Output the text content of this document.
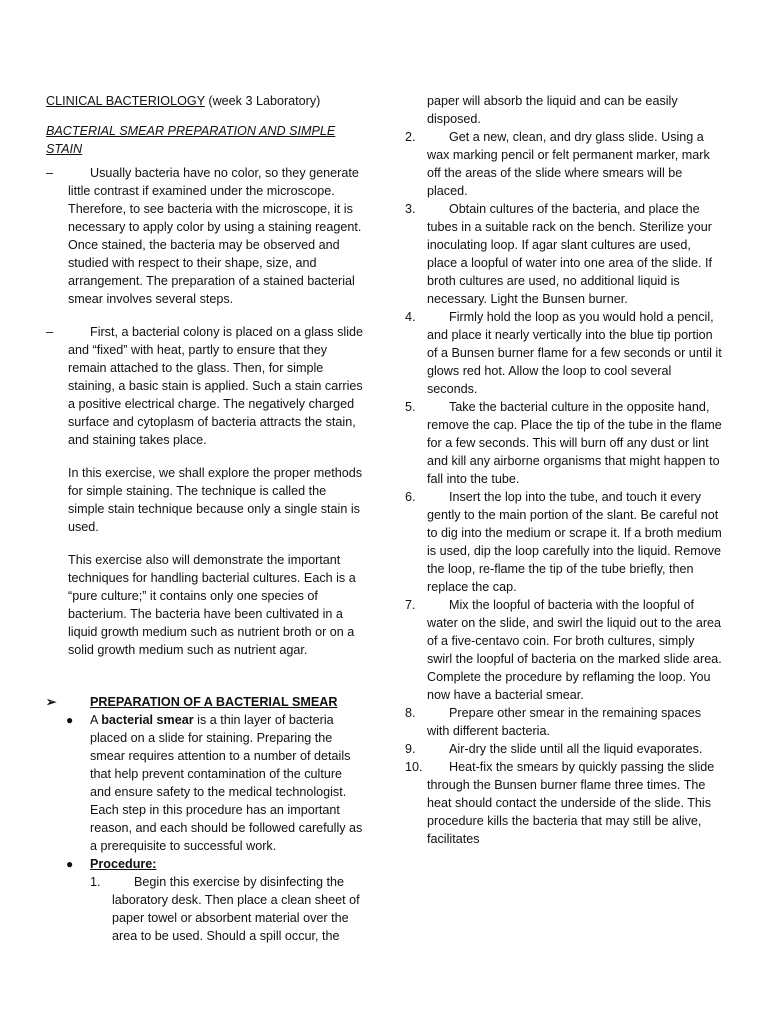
CLINICAL BACTERIOLOGY (week 3 Laboratory)
BACTERIAL SMEAR PREPARATION AND SIMPLE STAIN
–	Usually bacteria have no color, so they generate little contrast if examined under the microscope. Therefore, to see bacteria with the microscope, it is necessary to apply color by using a staining reagent. Once stained, the bacteria may be observed and studied with respect to their shape, size, and arrangement. The preparation of a stained bacterial smear involves several steps.
–	First, a bacterial colony is placed on a glass slide and “fixed” with heat, partly to ensure that they remain attached to the glass. Then, for simple staining, a basic stain is applied. Such a stain carries a positive electrical charge. The negatively charged surface and cytoplasm of bacteria attracts the stain, and staining takes place.
In this exercise, we shall explore the proper methods for simple staining. The technique is called the simple stain technique because only a single stain is used.
This exercise also will demonstrate the important techniques for handling bacterial cultures. Each is a “pure culture;” it contains only one species of bacterium. The bacteria have been cultivated in a liquid growth medium such as nutrient broth or on a solid growth medium such as nutrient agar.
➢	PREPARATION OF A BACTERIAL SMEAR
● A bacterial smear is a thin layer of bacteria placed on a slide for staining. Preparing the smear requires attention to a number of details that help prevent contamination of the culture and ensure safety to the medical technologist. Each step in this procedure has an important reason, and each should be followed carefully as a prerequisite to successful work.
● Procedure:
1.	Begin this exercise by disinfecting the laboratory desk. Then place a clean sheet of paper towel or absorbent material over the area to be used. Should a spill occur, the
paper will absorb the liquid and can be easily disposed.
2.	Get a new, clean, and dry glass slide. Using a wax marking pencil or felt permanent marker, mark off the areas of the slide where smears will be placed.
3.	Obtain cultures of the bacteria, and place the tubes in a suitable rack on the bench. Sterilize your inoculating loop. If agar slant cultures are used, place a loopful of water into one area of the slide. If broth cultures are used, no additional liquid is necessary. Light the Bunsen burner.
4.	Firmly hold the loop as you would hold a pencil, and place it nearly vertically into the blue tip portion of a Bunsen burner flame for a few seconds or until it glows red hot. Allow the loop to cool several seconds.
5.	Take the bacterial culture in the opposite hand, remove the cap. Place the tip of the tube in the flame for a few seconds. This will burn off any dust or lint and kill any airborne organisms that might happen to fall into the tube.
6.	Insert the lop into the tube, and touch it every gently to the main portion of the slant. Be careful not to dig into the medium or scrape it. If a broth medium is used, dip the loop carefully into the liquid. Remove the loop, re-flame the tip of the tube briefly, then replace the cap.
7.	Mix the loopful of bacteria with the loopful of water on the slide, and swirl the liquid out to the area of a five-centavo coin. For broth cultures, simply swirl the loopful of bacteria on the marked slide area. Complete the procedure by reflaming the loop. You now have a bacterial smear.
8.	Prepare other smear in the remaining spaces with different bacteria.
9.	Air-dry the slide until all the liquid evaporates.
10.	Heat-fix the smears by quickly passing the slide through the Bunsen burner flame three times. The heat should contact the underside of the slide. This procedure kills the bacteria that may still be alive, facilitates
